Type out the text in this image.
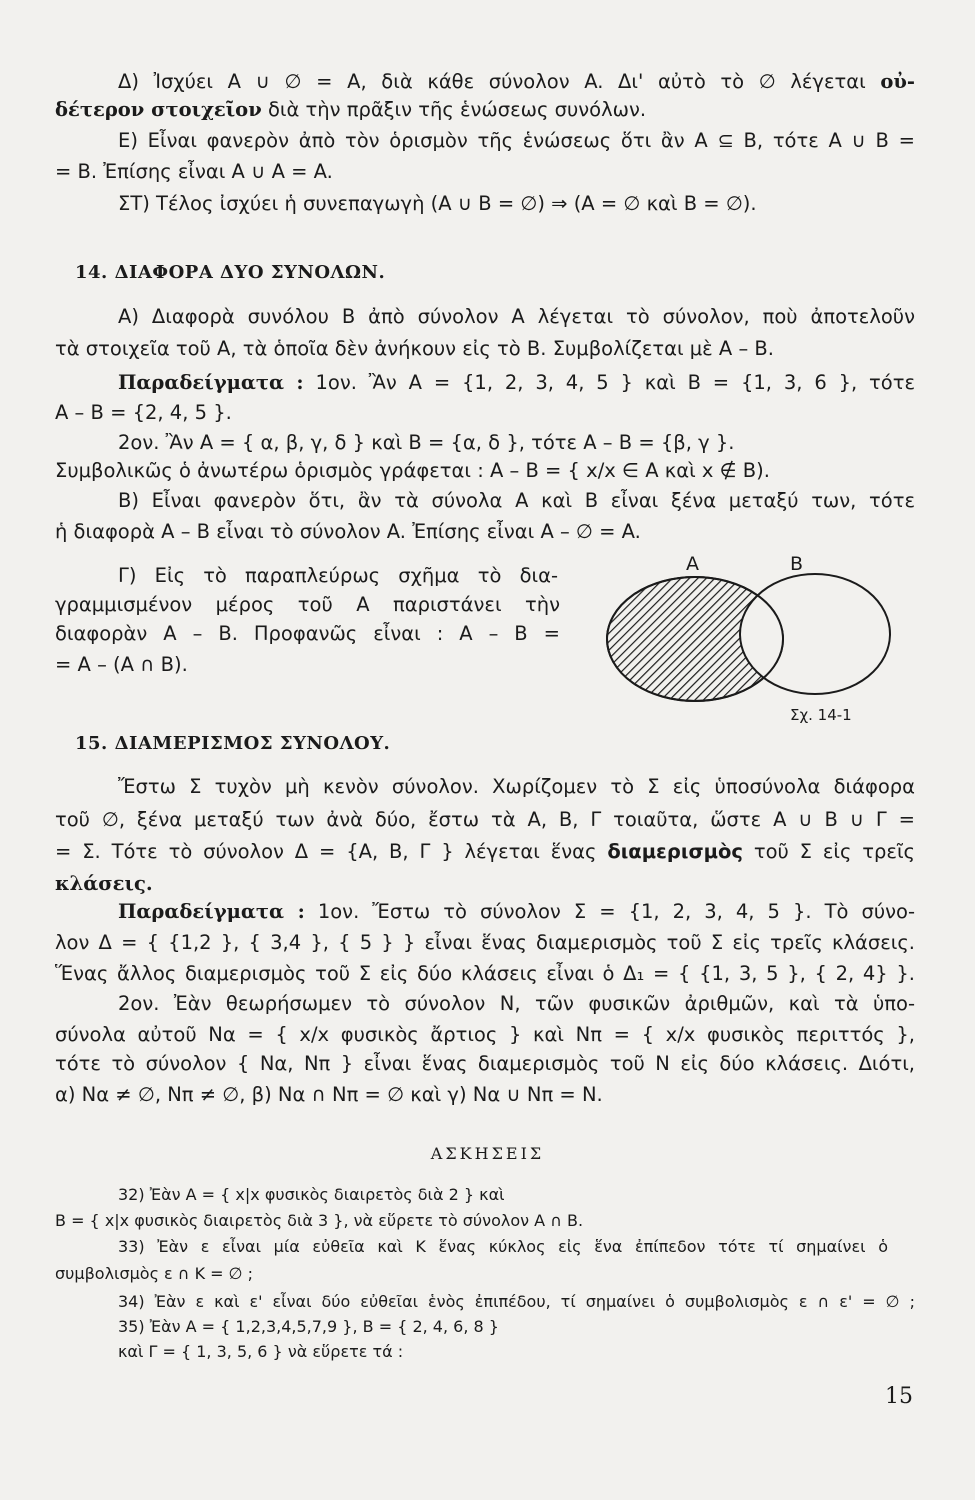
Δ) Ἰσχύει A ∪ ∅ = A, διὰ κάθε σύνολον A. Δι' αὐτὸ τὸ ∅ λέγεται οὐ-
δέτερον στοιχεῖον διὰ τὴν πρᾶξιν τῆς ἑνώσεως συνόλων.
E) Εἶναι φανερὸν ἀπὸ τὸν ὁρισμὸν τῆς ἑνώσεως ὅτι ἂν A ⊆ B, τότε A ∪ B =
= B. Ἐπίσης εἶναι A ∪ A = A.
ΣΤ) Τέλος ἰσχύει ἡ συνεπαγωγὴ (A ∪ B = ∅) ⇒ (A = ∅ καὶ B = ∅).
14. ΔΙΑΦΟΡΑ ΔΥΟ ΣΥΝΟΛΩΝ.
A) Διαφορὰ συνόλου B ἀπὸ σύνολον A λέγεται τὸ σύνολον, ποὺ ἀποτελοῦν
τὰ στοιχεῖα τοῦ A, τὰ ὁποῖα δὲν ἀνήκουν εἰς τὸ B. Συμβολίζεται μὲ A – B.
Παραδείγματα : 1ον. Ἂν A = {1, 2, 3, 4, 5 } καὶ B = {1, 3, 6 }, τότε
A – B = {2, 4, 5 }.
2ον. Ἂν A = { α, β, γ, δ } καὶ B = {α, δ }, τότε A – B = {β, γ }.
Συμβολικῶς ὁ ἀνωτέρω ὁρισμὸς γράφεται : A – B = { x/x ∈ A καὶ x ∉ B).
B) Εἶναι φανερὸν ὅτι, ἂν τὰ σύνολα A καὶ B εἶναι ξένα μεταξύ των, τότε
ἡ διαφορὰ A – B εἶναι τὸ σύνολον A. Ἐπίσης εἶναι A – ∅ = A.
Γ) Εἰς τὸ παραπλεύρως σχῆμα τὸ δια-
γραμμισμένον μέρος τοῦ A παριστάνει τὴν
διαφορὰν A – B. Προφανῶς εἶναι : A – B =
= A – (A ∩ B).
A	B
Σχ. 14-1
15. ΔΙΑΜΕΡΙΣΜΟΣ ΣΥΝΟΛΟΥ.
Ἔστω Σ τυχὸν μὴ κενὸν σύνολον. Χωρίζομεν τὸ Σ εἰς ὑποσύνολα διάφορα
τοῦ ∅, ξένα μεταξύ των ἀνὰ δύο, ἔστω τὰ A, B, Γ τοιαῦτα, ὥστε A ∪ B ∪ Γ =
= Σ. Τότε τὸ σύνολον Δ = {A, B, Γ } λέγεται ἕνας διαμερισμὸς τοῦ Σ εἰς τρεῖς
κλάσεις.
Παραδείγματα : 1ον. Ἔστω τὸ σύνολον Σ = {1, 2, 3, 4, 5 }. Τὸ σύνο-
λον Δ = { {1,2 }, { 3,4 }, { 5 } } εἶναι ἕνας διαμερισμὸς τοῦ Σ εἰς τρεῖς κλάσεις.
Ἕνας ἄλλος διαμερισμὸς τοῦ Σ εἰς δύο κλάσεις εἶναι ὁ Δ₁ = { {1, 3, 5 }, { 2, 4} }.
2ον. Ἐὰν θεωρήσωμεν τὸ σύνολον N, τῶν φυσικῶν ἀριθμῶν, καὶ τὰ ὑπο-
σύνολα αὐτοῦ Nα = { x/x φυσικὸς ἄρτιος } καὶ Nπ = { x/x φυσικὸς περιττός },
τότε τὸ σύνολον { Nα, Nπ } εἶναι ἕνας διαμερισμὸς τοῦ N εἰς δύο κλάσεις. Διότι,
α) Nα ≠ ∅, Nπ ≠ ∅, β) Nα ∩ Nπ = ∅ καὶ γ) Nα ∪ Nπ = N.
ΑΣΚΗΣΕΙΣ
32) Ἐὰν A = { x|x φυσικὸς διαιρετὸς διὰ 2 } καὶ
B = { x|x φυσικὸς διαιρετὸς διὰ 3 }, νὰ εὕρετε τὸ σύνολον A ∩ B.
33) Ἐὰν ε εἶναι μία εὐθεῖα καὶ K ἕνας κύκλος εἰς ἕνα ἐπίπεδον τότε τί σημαίνει ὁ
συμβολισμὸς ε ∩ K = ∅ ;
34) Ἐὰν ε καὶ ε' εἶναι δύο εὐθεῖαι ἑνὸς ἐπιπέδου, τί σημαίνει ὁ συμβολισμὸς ε ∩ ε' = ∅ ;
35) Ἐὰν A = { 1,2,3,4,5,7,9 }, B = { 2, 4, 6, 8 }
καὶ Γ = { 1, 3, 5, 6 } νὰ εὕρετε τά :
15
